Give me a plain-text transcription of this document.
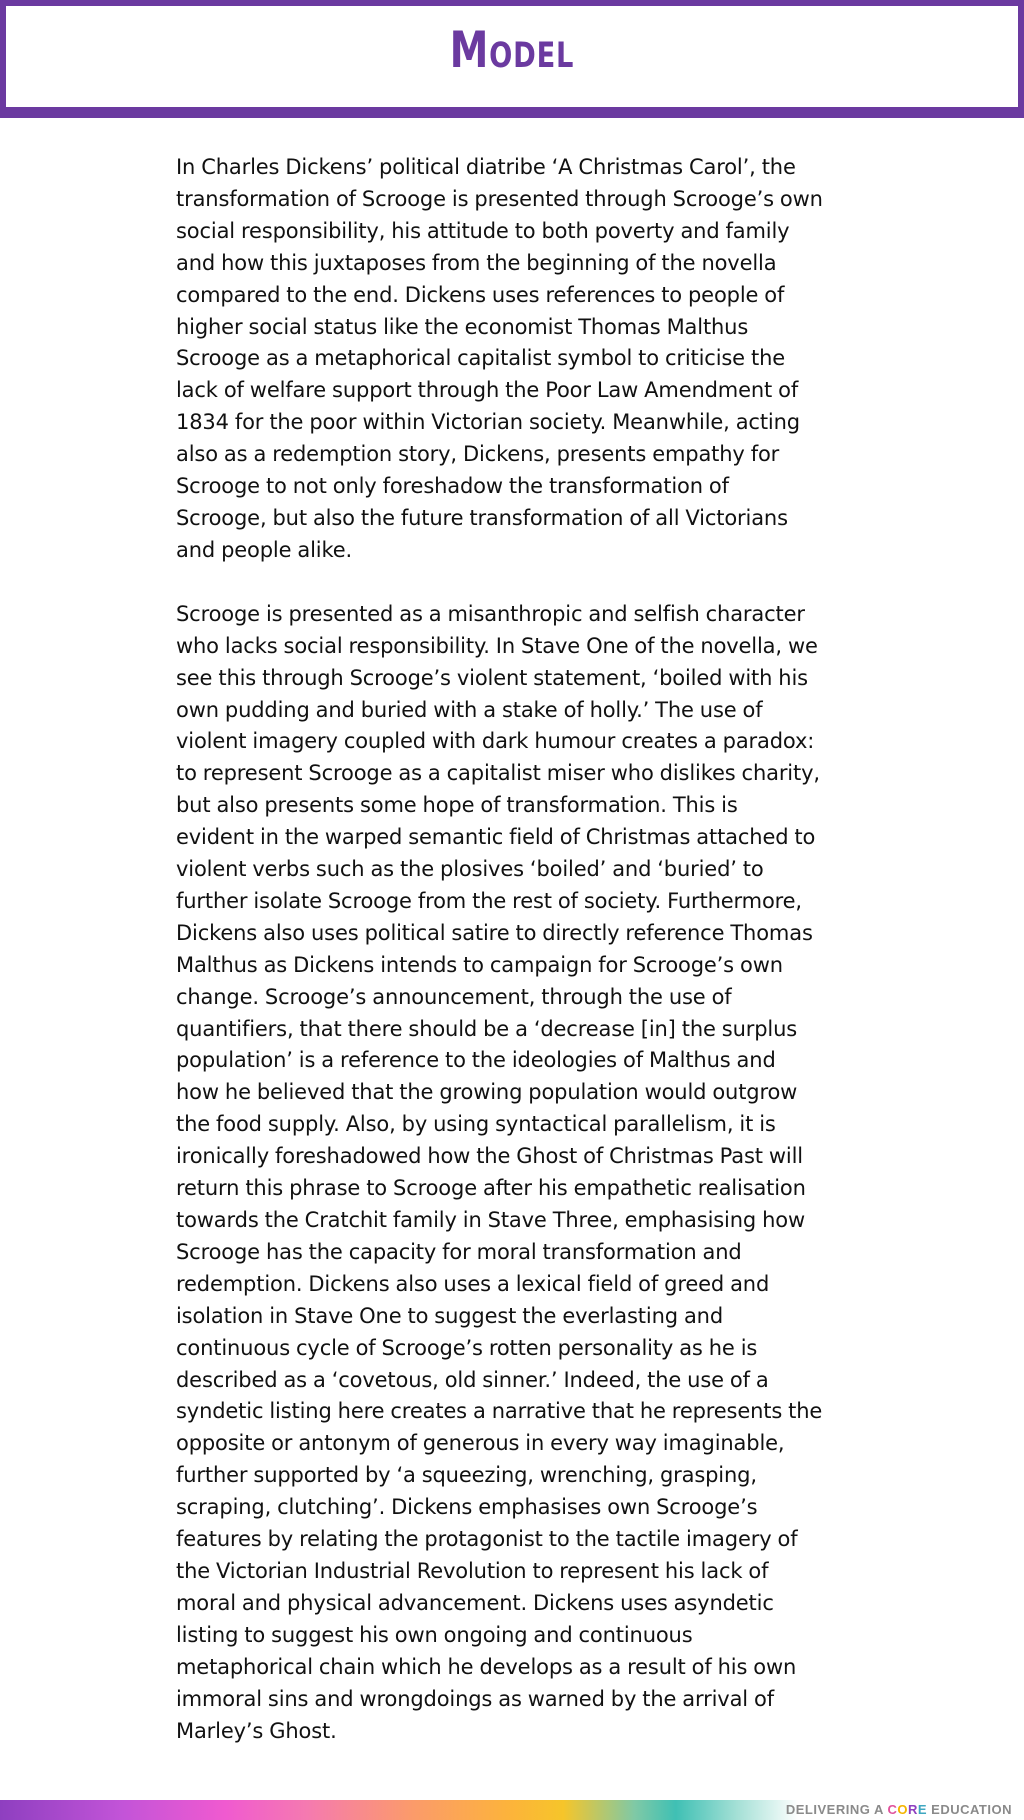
Model

In Charles Dickens’ political diatribe ‘A Christmas Carol’, the
transformation of Scrooge is presented through Scrooge’s own
social responsibility, his attitude to both poverty and family
and how this juxtaposes from the beginning of the novella
compared to the end. Dickens uses references to people of
higher social status like the economist Thomas Malthus
Scrooge as a metaphorical capitalist symbol to criticise the
lack of welfare support through the Poor Law Amendment of
1834 for the poor within Victorian society. Meanwhile, acting
also as a redemption story, Dickens, presents empathy for
Scrooge to not only foreshadow the transformation of
Scrooge, but also the future transformation of all Victorians
and people alike.

Scrooge is presented as a misanthropic and selfish character
who lacks social responsibility. In Stave One of the novella, we
see this through Scrooge’s violent statement, ‘boiled with his
own pudding and buried with a stake of holly.’ The use of
violent imagery coupled with dark humour creates a paradox:
to represent Scrooge as a capitalist miser who dislikes charity,
but also presents some hope of transformation. This is
evident in the warped semantic field of Christmas attached to
violent verbs such as the plosives ‘boiled’ and ‘buried’ to
further isolate Scrooge from the rest of society. Furthermore,
Dickens also uses political satire to directly reference Thomas
Malthus as Dickens intends to campaign for Scrooge’s own
change. Scrooge’s announcement, through the use of
quantifiers, that there should be a ‘decrease [in] the surplus
population’ is a reference to the ideologies of Malthus and
how he believed that the growing population would outgrow
the food supply. Also, by using syntactical parallelism, it is
ironically foreshadowed how the Ghost of Christmas Past will
return this phrase to Scrooge after his empathetic realisation
towards the Cratchit family in Stave Three, emphasising how
Scrooge has the capacity for moral transformation and
redemption. Dickens also uses a lexical field of greed and
isolation in Stave One to suggest the everlasting and
continuous cycle of Scrooge’s rotten personality as he is
described as a ‘covetous, old sinner.’ Indeed, the use of a
syndetic listing here creates a narrative that he represents the
opposite or antonym of generous in every way imaginable,
further supported by ‘a squeezing, wrenching, grasping,
scraping, clutching’. Dickens emphasises own Scrooge’s
features by relating the protagonist to the tactile imagery of
the Victorian Industrial Revolution to represent his lack of
moral and physical advancement. Dickens uses asyndetic
listing to suggest his own ongoing and continuous
metaphorical chain which he develops as a result of his own
immoral sins and wrongdoings as warned by the arrival of
Marley’s Ghost.

DELIVERING A CORE EDUCATION
